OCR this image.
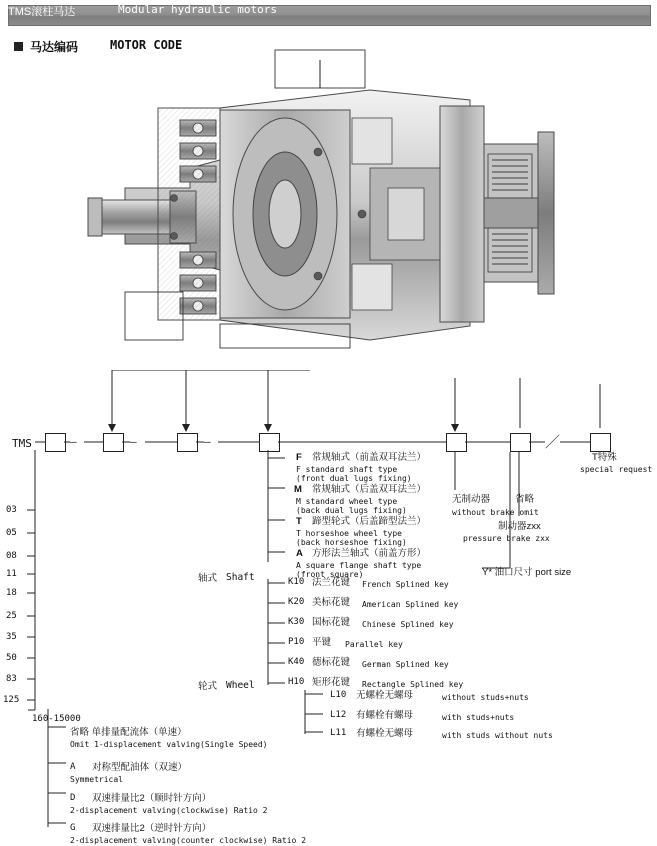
TMS滚柱马达	Modular hydraulic motors
马达编码	MOTOR CODE
TMS	—	—	—	／
03
05
08
11
18
25
35
50
83
125
160-15000
F 常规轴式（前盖双耳法兰）
F standard shaft type
(front dual lugs fixing)
M 常规轴式（后盖双耳法兰）
M standard wheel type
(back dual lugs fixing)
T 蹄型轮式（后盖蹄型法兰）
T horseshoe wheel type
(back horseshoe fixing)
A 方形法兰轴式（前盖方形）
A square flange shaft type
(front square)
轴式 Shaft	K10 法兰花键 French Splined key
K20 美标花键 American Splined key
K30 国标花键 Chinese Splined key
P10 平键 Parallel key
K40 德标花键 German Splined key
H10 矩形花键 Rectangle Splined key
轮式 Wheel
L10 无螺栓无螺母	without studs+nuts
L12 有螺栓有螺母	with studs+nuts
L11 有螺栓无螺母	with studs without nuts
省略 单排量配流体（单速）
Omit 1-displacement valving(Single Speed)
A 对称型配油体（双速）
Symmetrical
D 双速排量比2（顺时针方向）
2-displacement valving(clockwise) Ratio 2
G 双速排量比2（逆时针方向）
2-displacement valving(counter clockwise) Ratio 2
无制动器	省略
without brake omit
制动器zxx
pressure brake zxx
Y* 油口尺寸 port size
T特殊
special request
